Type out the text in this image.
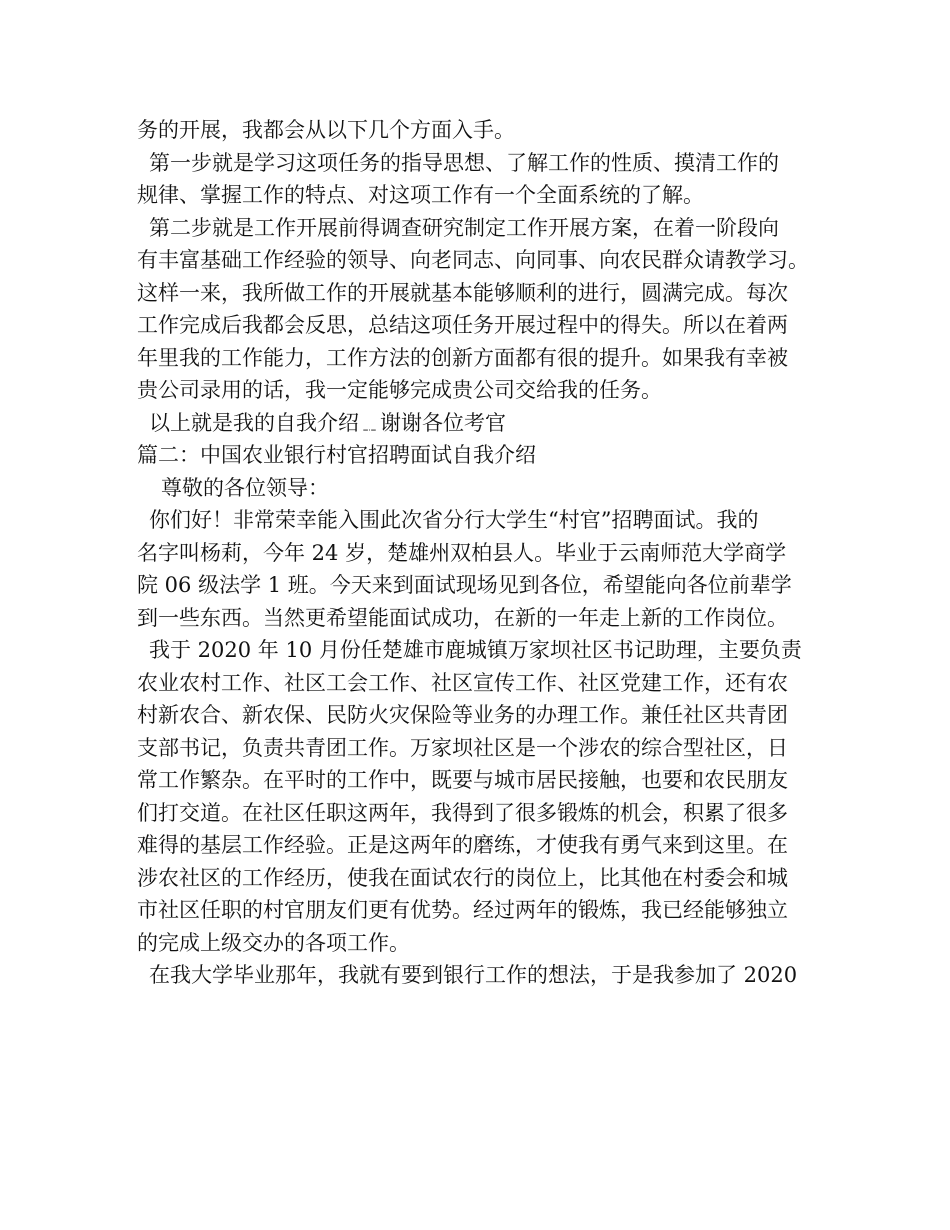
务的开展，我都会从以下几个方面入手。
第一步就是学习这项任务的指导思想、了解工作的性质、摸清工作的
规律、掌握工作的特点、对这项工作有一个全面系统的了解。
第二步就是工作开展前得调查研究制定工作开展方案，在着一阶段向
有丰富基础工作经验的领导、向老同志、向同事、向农民群众请教学习。
这样一来，我所做工作的开展就基本能够顺利的进行，圆满完成。每次
工作完成后我都会反思，总结这项任务开展过程中的得失。所以在着两
年里我的工作能力，工作方法的创新方面都有很的提升。如果我有幸被
贵公司录用的话，我一定能够完成贵公司交给我的任务。
以上就是我的自我介绍﹎谢谢各位考官
篇二：中国农业银行村官招聘面试自我介绍
尊敬的各位领导：
你们好！非常荣幸能入围此次省分行大学生“村官”招聘面试。我的
名字叫杨莉，今年 24 岁，楚雄州双柏县人。毕业于云南师范大学商学
院 06 级法学 1 班。今天来到面试现场见到各位，希望能向各位前辈学
到一些东西。当然更希望能面试成功，在新的一年走上新的工作岗位。
我于 2020 年 10 月份任楚雄市鹿城镇万家坝社区书记助理，主要负责
农业农村工作、社区工会工作、社区宣传工作、社区党建工作，还有农
村新农合、新农保、民防火灾保险等业务的办理工作。兼任社区共青团
支部书记，负责共青团工作。万家坝社区是一个涉农的综合型社区，日
常工作繁杂。在平时的工作中，既要与城市居民接触，也要和农民朋友
们打交道。在社区任职这两年，我得到了很多锻炼的机会，积累了很多
难得的基层工作经验。正是这两年的磨练，才使我有勇气来到这里。在
涉农社区的工作经历，使我在面试农行的岗位上，比其他在村委会和城
市社区任职的村官朋友们更有优势。经过两年的锻炼，我已经能够独立
的完成上级交办的各项工作。
在我大学毕业那年，我就有要到银行工作的想法，于是我参加了 2020
